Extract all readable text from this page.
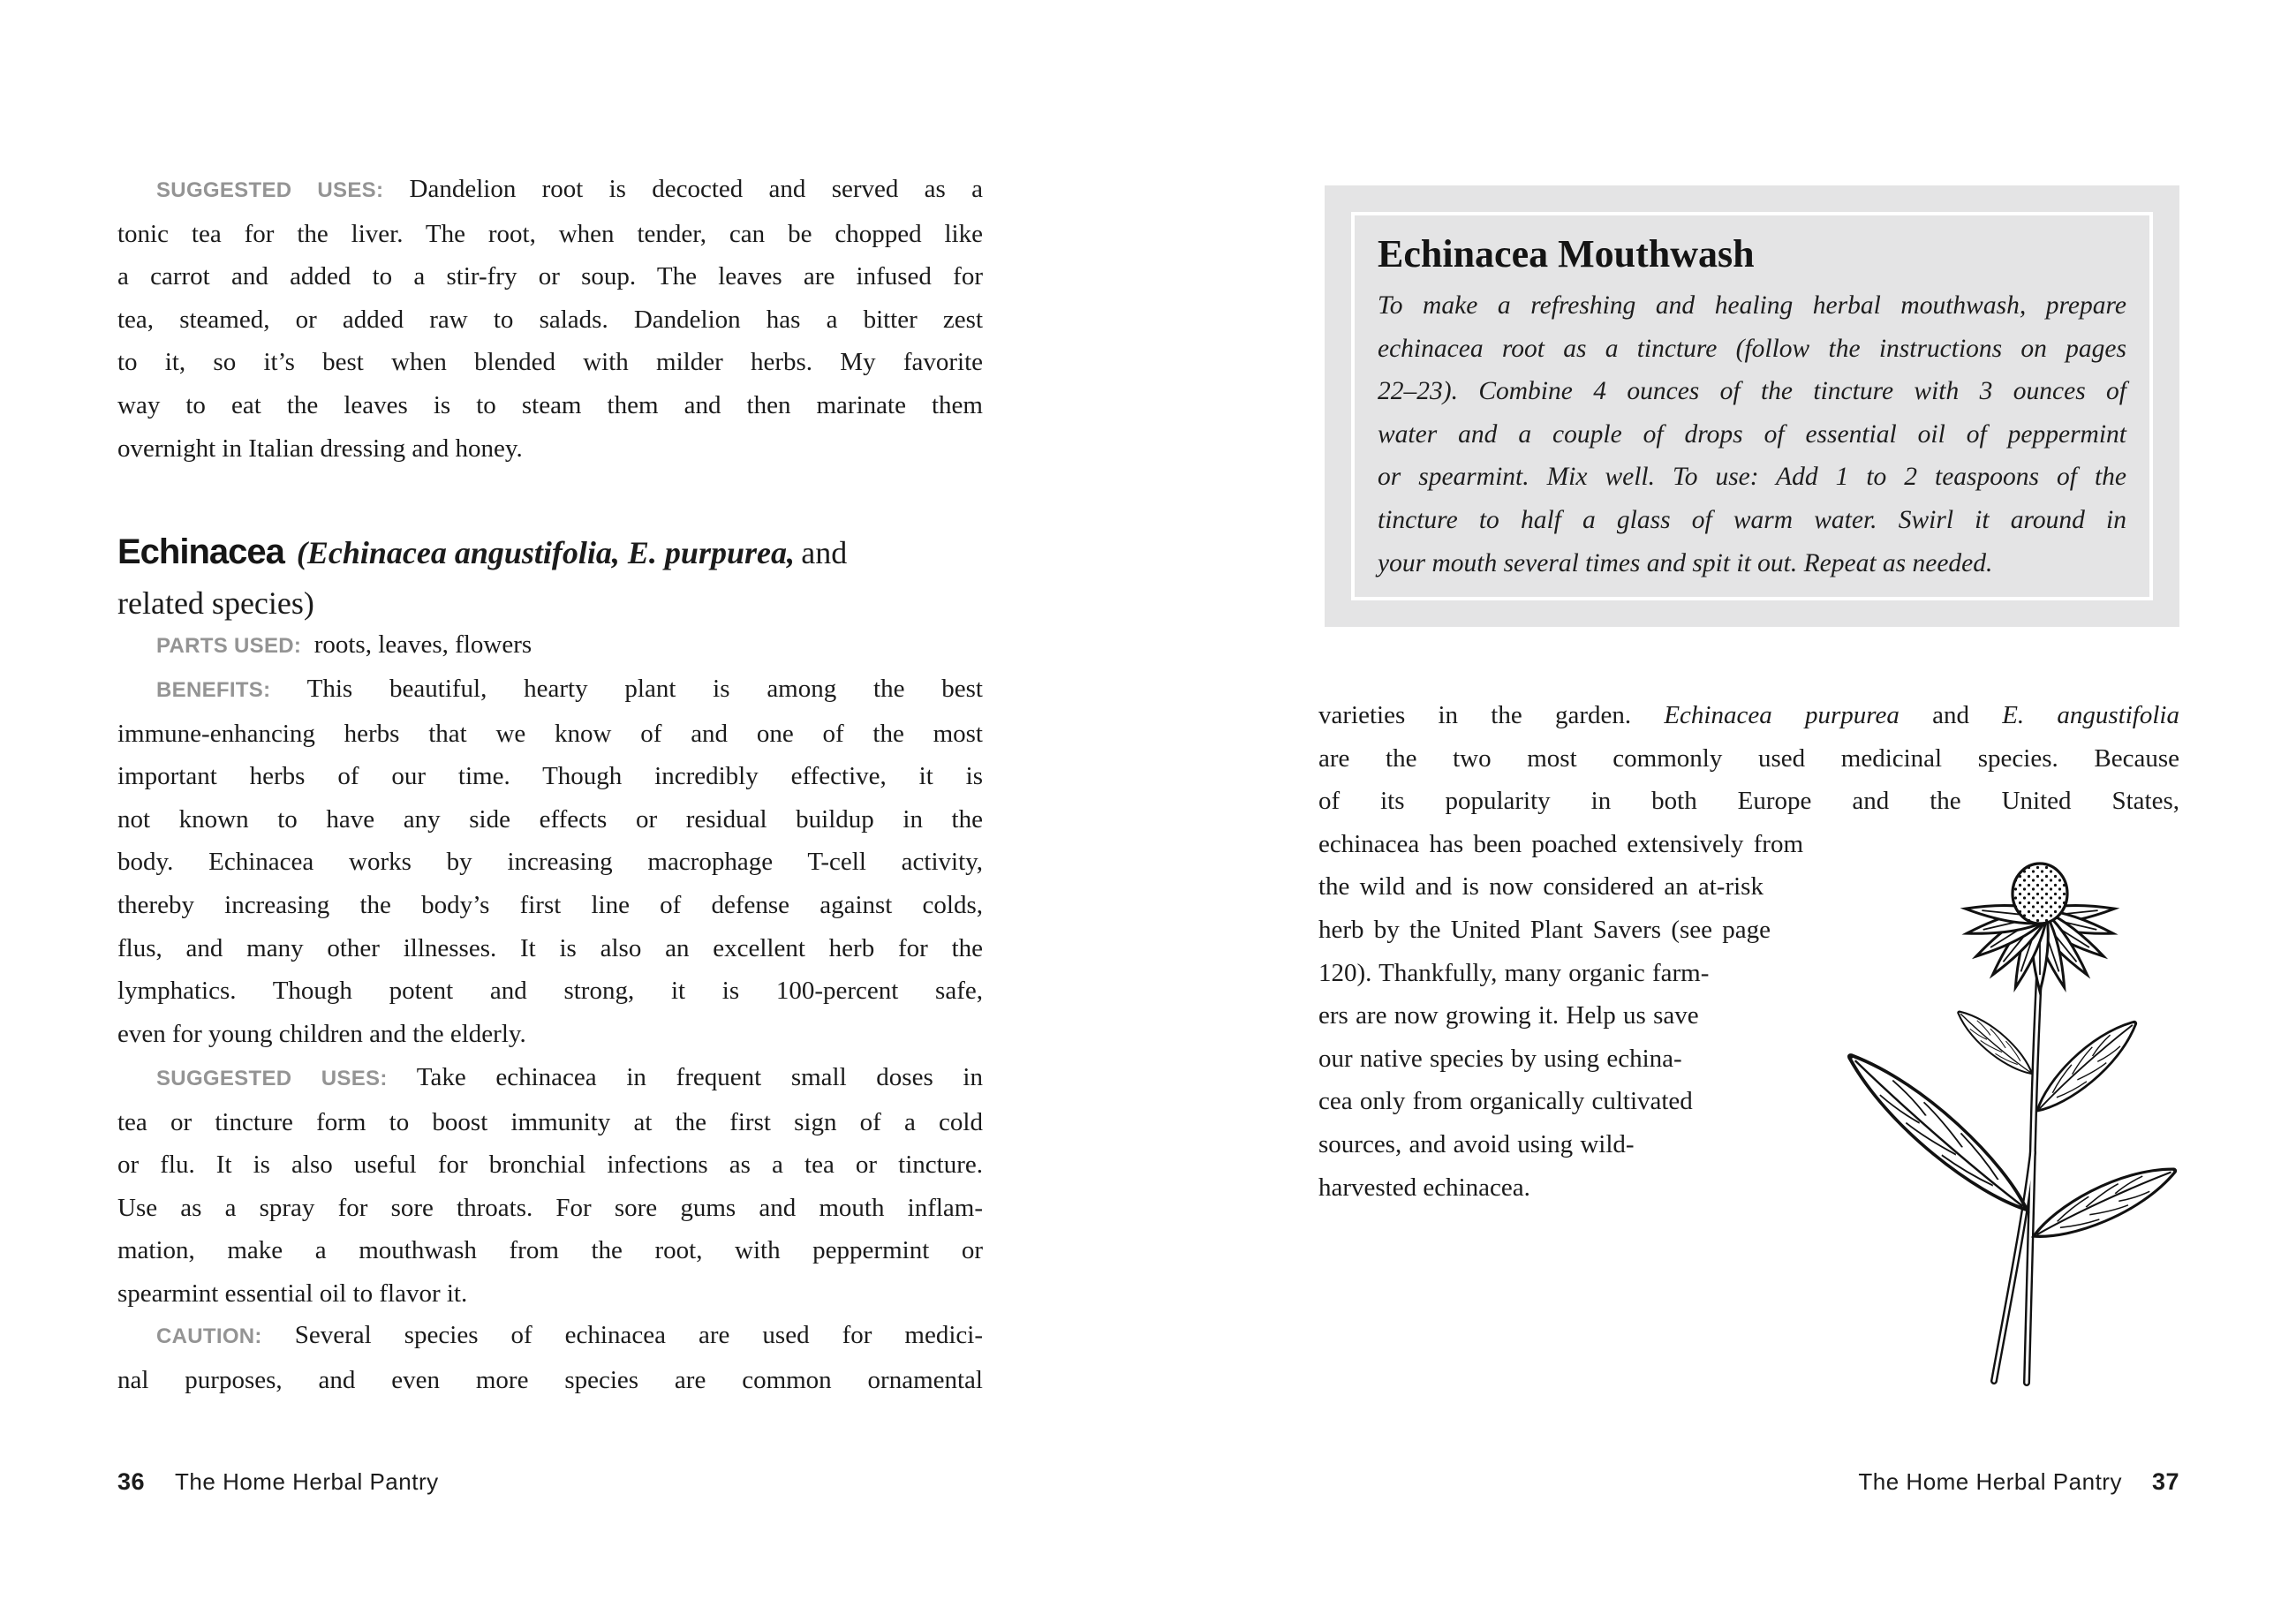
SUGGESTED USES: Dandelion root is decocted and served as a
tonic tea for the liver. The root, when tender, can be chopped like
a carrot and added to a stir-fry or soup. The leaves are infused for
tea, steamed, or added raw to salads. Dandelion has a bitter zest
to it, so it’s best when blended with milder herbs. My favorite
way to eat the leaves is to steam them and then marinate them
overnight in Italian dressing and honey.
Echinacea (Echinacea angustifolia, E. purpurea, and
related species)
PARTS USED: roots, leaves, flowers
BENEFITS: This beautiful, hearty plant is among the best
immune-enhancing herbs that we know of and one of the most
important herbs of our time. Though incredibly effective, it is
not known to have any side effects or residual buildup in the
body. Echinacea works by increasing macrophage T-cell activity,
thereby increasing the body’s first line of defense against colds,
flus, and many other illnesses. It is also an excellent herb for the
lymphatics. Though potent and strong, it is 100-percent safe,
even for young children and the elderly.
SUGGESTED USES: Take echinacea in frequent small doses in
tea or tincture form to boost immunity at the first sign of a cold
or flu. It is also useful for bronchial infections as a tea or tincture.
Use as a spray for sore throats. For sore gums and mouth inflam-
mation, make a mouthwash from the root, with peppermint or
spearmint essential oil to flavor it.
CAUTION: Several species of echinacea are used for medici-
nal purposes, and even more species are common ornamental
36 The Home Herbal Pantry
Echinacea Mouthwash
To make a refreshing and healing herbal mouthwash, prepare
echinacea root as a tincture (follow the instructions on pages
22–23). Combine 4 ounces of the tincture with 3 ounces of
water and a couple of drops of essential oil of peppermint
or spearmint. Mix well. To use: Add 1 to 2 teaspoons of the
tincture to half a glass of warm water. Swirl it around in
your mouth several times and spit it out. Repeat as needed.
varieties in the garden. Echinacea purpurea and E. angustifolia
are the two most commonly used medicinal species. Because
of its popularity in both Europe and the United States,
echinacea has been poached extensively from
the wild and is now considered an at-risk
herb by the United Plant Savers (see page
120). Thankfully, many organic farm-
ers are now growing it. Help us save
our native species by using echina-
cea only from organically cultivated
sources, and avoid using wild-
harvested echinacea.
The Home Herbal Pantry 37
